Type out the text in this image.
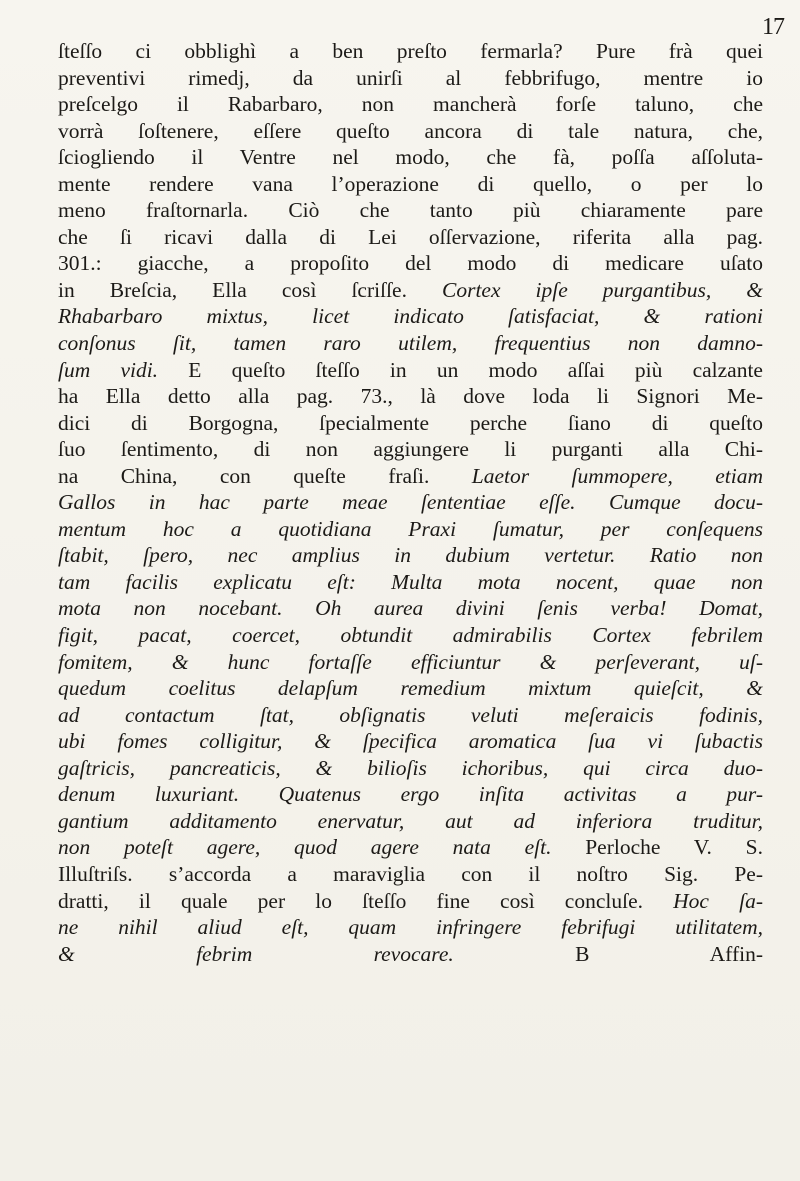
17
ſteſſo ci obblighì a ben preſto fermarla? Pure frà quei
preventivi rimedj, da unirſi al febbrifugo, mentre io
preſcelgo il Rabarbaro, non mancherà forſe taluno, che
vorrà ſoſtenere, eſſere queſto ancora di tale natura, che,
ſciogliendo il Ventre nel modo, che fà, poſſa aſſoluta-
mente rendere vana l’operazione di quello, o per lo
meno fraſtornarla. Ciò che tanto più chiaramente pare
che ſi ricavi dalla di Lei oſſervazione, riferita alla pag.
301.: giacche, a propoſito del modo di medicare uſato
in Breſcia, Ella così ſcriſſe. Cortex ipſe purgantibus, &
Rhabarbaro mixtus, licet indicato ſatisfaciat, & rationi
conſonus ſit, tamen raro utilem, frequentius non damno-
ſum vidi. E queſto ſteſſo in un modo aſſai più calzante
ha Ella detto alla pag. 73., là dove loda li Signori Me-
dici di Borgogna, ſpecialmente perche ſiano di queſto
ſuo ſentimento, di non aggiungere li purganti alla Chi-
na China, con queſte fraſi. Laetor ſummopere, etiam
Gallos in hac parte meae ſententiae eſſe. Cumque docu-
mentum hoc a quotidiana Praxi ſumatur, per conſequens
ſtabit, ſpero, nec amplius in dubium vertetur. Ratio non
tam facilis explicatu eſt: Multa mota nocent, quae non
mota non nocebant. Oh aurea divini ſenis verba! Domat,
figit, pacat, coercet, obtundit admirabilis Cortex febrilem
fomitem, & hunc fortaſſe efficiuntur & perſeverant, uſ-
quedum coelitus delapſum remedium mixtum quieſcit, &
ad contactum ſtat, obſignatis veluti meſeraicis fodinis,
ubi fomes colligitur, & ſpecifica aromatica ſua vi ſubactis
gaſtricis, pancreaticis, & bilioſis ichoribus, qui circa duo-
denum luxuriant. Quatenus ergo inſita activitas a pur-
gantium additamento enervatur, aut ad inferiora truditur,
non poteſt agere, quod agere nata eſt. Perloche V. S.
Illuſtriſs. s’accorda a maraviglia con il noſtro Sig. Pe-
dratti, il quale per lo ſteſſo fine così concluſe. Hoc ſa-
ne nihil aliud eſt, quam infringere febrifugi utilitatem,
& febrim revocare. B Affin-
